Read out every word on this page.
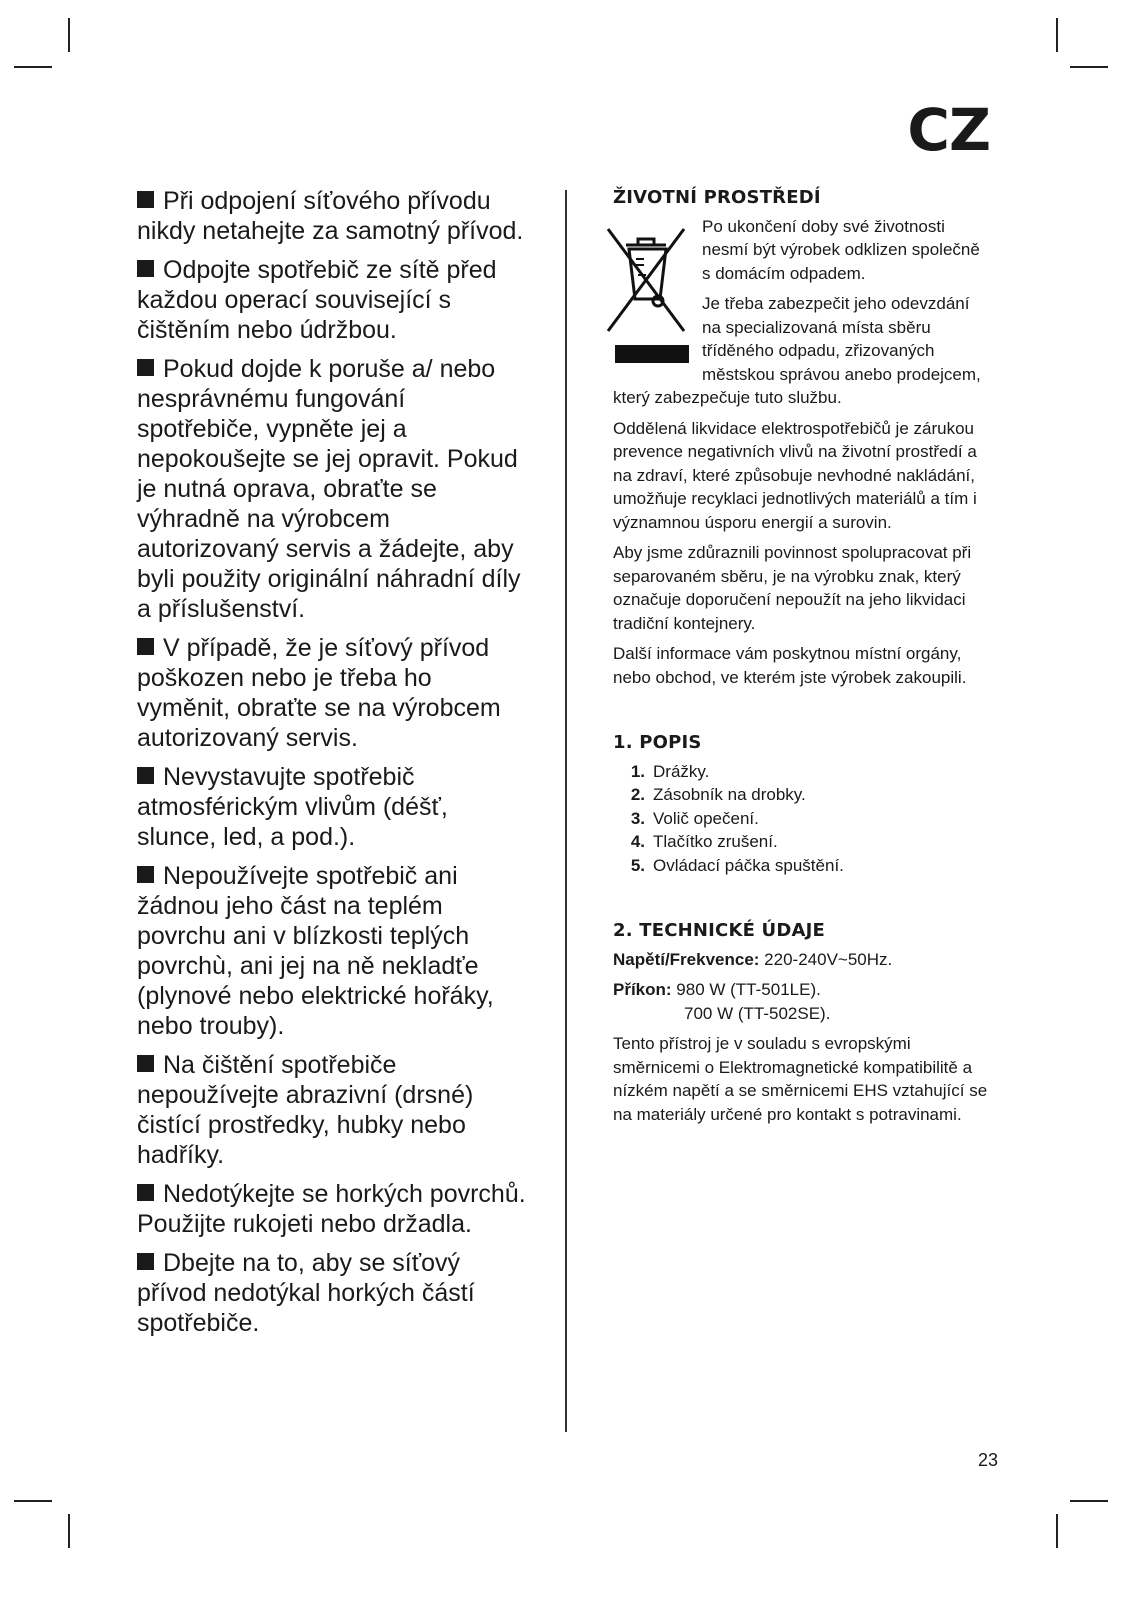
CZ

Při odpojení síťového přívodu nikdy netahejte za samotný přívod.

Odpojte spotřebič ze sítě před každou operací související s čištěním nebo údržbou.

Pokud dojde k poruše a/ nebo nesprávnému fungování spotřebiče, vypněte jej a nepokoušejte se jej opravit. Pokud je nutná oprava, obraťte se výhradně na výrobcem autorizovaný servis a žádejte, aby byli použity originální náhradní díly a příslušenství.

V případě, že je síťový přívod poškozen nebo je třeba ho vyměnit, obraťte se na výrobcem autorizovaný servis.

Nevystavujte spotřebič atmosférickým vlivům (déšť, slunce, led, a pod.).

Nepoužívejte spotřebič ani žádnou jeho část na teplém povrchu ani v blízkosti teplých povrchù, ani jej na ně nekladťe (plynové nebo elektrické hořáky, nebo trouby).

Na čištění spotřebiče nepoužívejte abrazivní (drsné) čistící prostředky, hubky nebo hadříky.

Nedotýkejte se horkých povrchů. Použijte rukojeti nebo držadla.

Dbejte na to, aby se síťový přívod nedotýkal horkých částí spotřebiče.

ŽIVOTNÍ PROSTŘEDÍ

Po ukončení doby své životnosti nesmí být výrobek odklizen společně s domácím odpadem.

Je třeba zabezpečit jeho odevzdání na specializovaná místa sběru tříděného odpadu, zřizovaných městskou správou anebo prodejcem, který zabezpečuje tuto službu.

Oddělená likvidace elektrospotřebičů je zárukou prevence negativních vlivů na životní prostředí a na zdraví, které způsobuje nevhodné nakládání, umožňuje recyklaci jednotlivých materiálů a tím i významnou úsporu energií a surovin.

Aby jsme zdůraznili povinnost spolupracovat při separovaném sběru, je na výrobku znak, který označuje doporučení nepoužít na jeho likvidaci tradiční kontejnery.

Další informace vám poskytnou místní orgány, nebo obchod, ve kterém jste výrobek zakoupili.

1. POPIS
1. Drážky.
2. Zásobník na drobky.
3. Volič opečení.
4. Tlačítko zrušení.
5. Ovládací páčka spuštění.
2. TECHNICKÉ ÚDAJE

Napětí/Frekvence: 220-240V~50Hz.

Příkon: 980 W (TT-501LE).

700 W (TT-502SE).

Tento přístroj je v souladu s evropskými směrnicemi o Elektromagnetické kompatibilitě a nízkém napětí a se směrnicemi EHS vztahující se na materiály určené pro kontakt s potravinami.

23
